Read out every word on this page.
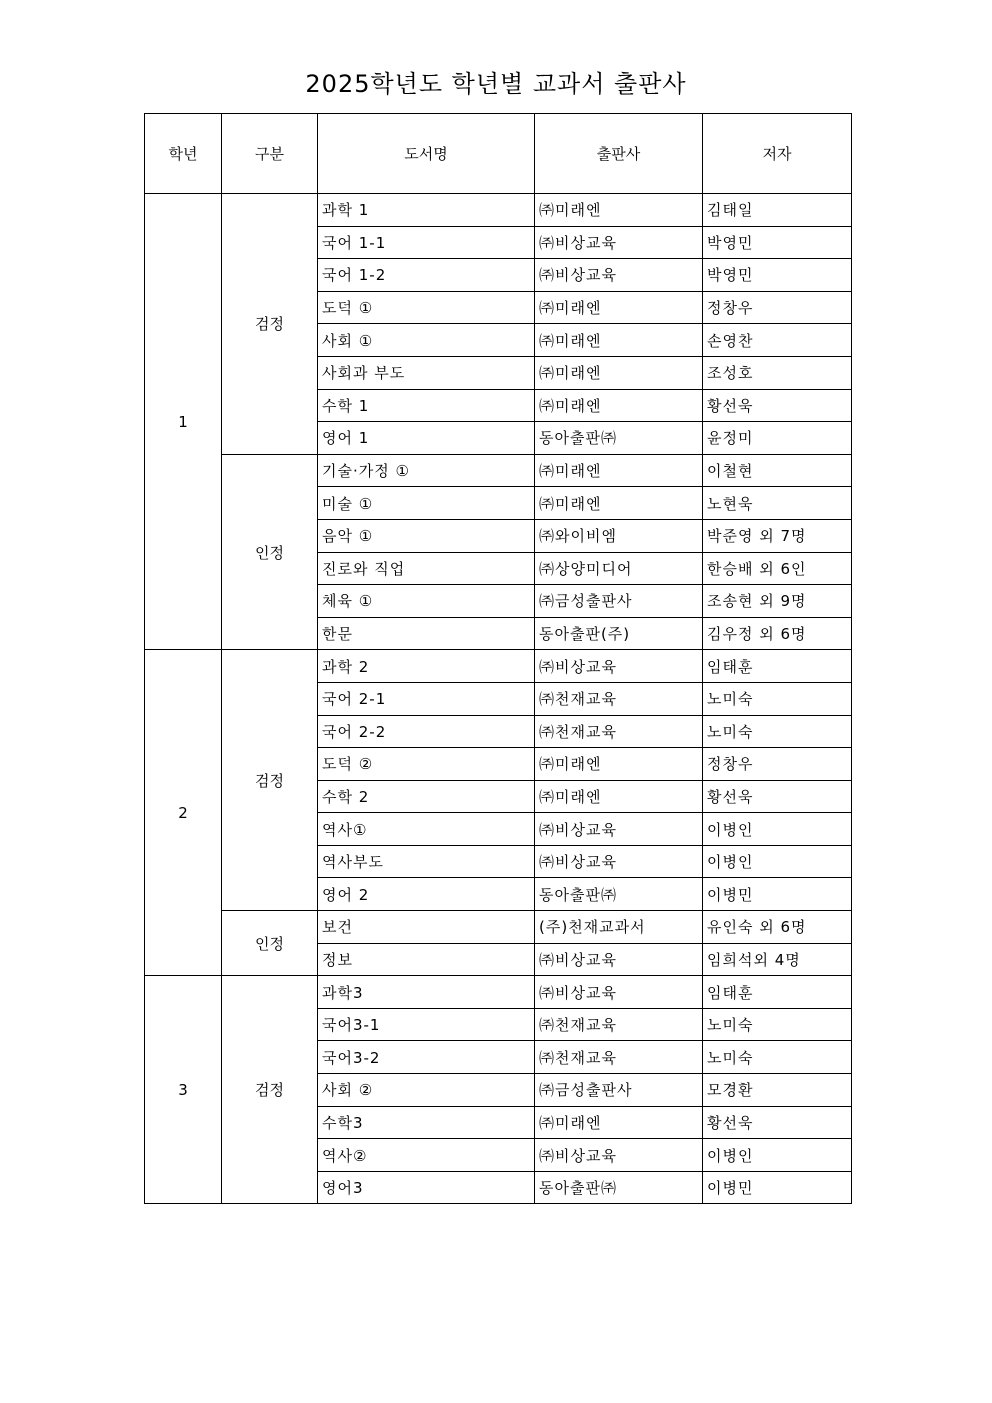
2025학년도 학년별 교과서 출판사
학년	구분	도서명	출판사	저자
1	검정	과학 1	㈜미래엔	김태일
		국어 1-1	㈜비상교육	박영민
		국어 1-2	㈜비상교육	박영민
		도덕 ①	㈜미래엔	정창우
		사회 ①	㈜미래엔	손영찬
		사회과 부도	㈜미래엔	조성호
		수학 1	㈜미래엔	황선욱
		영어 1	동아출판㈜	윤정미
	인정	기술·가정 ①	㈜미래엔	이철현
		미술 ①	㈜미래엔	노현욱
		음악 ①	㈜와이비엠	박준영 외 7명
		진로와 직업	㈜상양미디어	한승배 외 6인
		체육 ①	㈜금성출판사	조송현 외 9명
		한문	동아출판(주)	김우정 외 6명
2	검정	과학 2	㈜비상교육	임태훈
		국어 2-1	㈜천재교육	노미숙
		국어 2-2	㈜천재교육	노미숙
		도덕 ②	㈜미래엔	정창우
		수학 2	㈜미래엔	황선욱
		역사①	㈜비상교육	이병인
		역사부도	㈜비상교육	이병인
		영어 2	동아출판㈜	이병민
	인정	보건	(주)천재교과서	유인숙 외 6명
		정보	㈜비상교육	임희석외 4명
3	검정	과학3	㈜비상교육	임태훈
		국어3-1	㈜천재교육	노미숙
		국어3-2	㈜천재교육	노미숙
		사회 ②	㈜금성출판사	모경환
		수학3	㈜미래엔	황선욱
		역사②	㈜비상교육	이병인
		영어3	동아출판㈜	이병민
